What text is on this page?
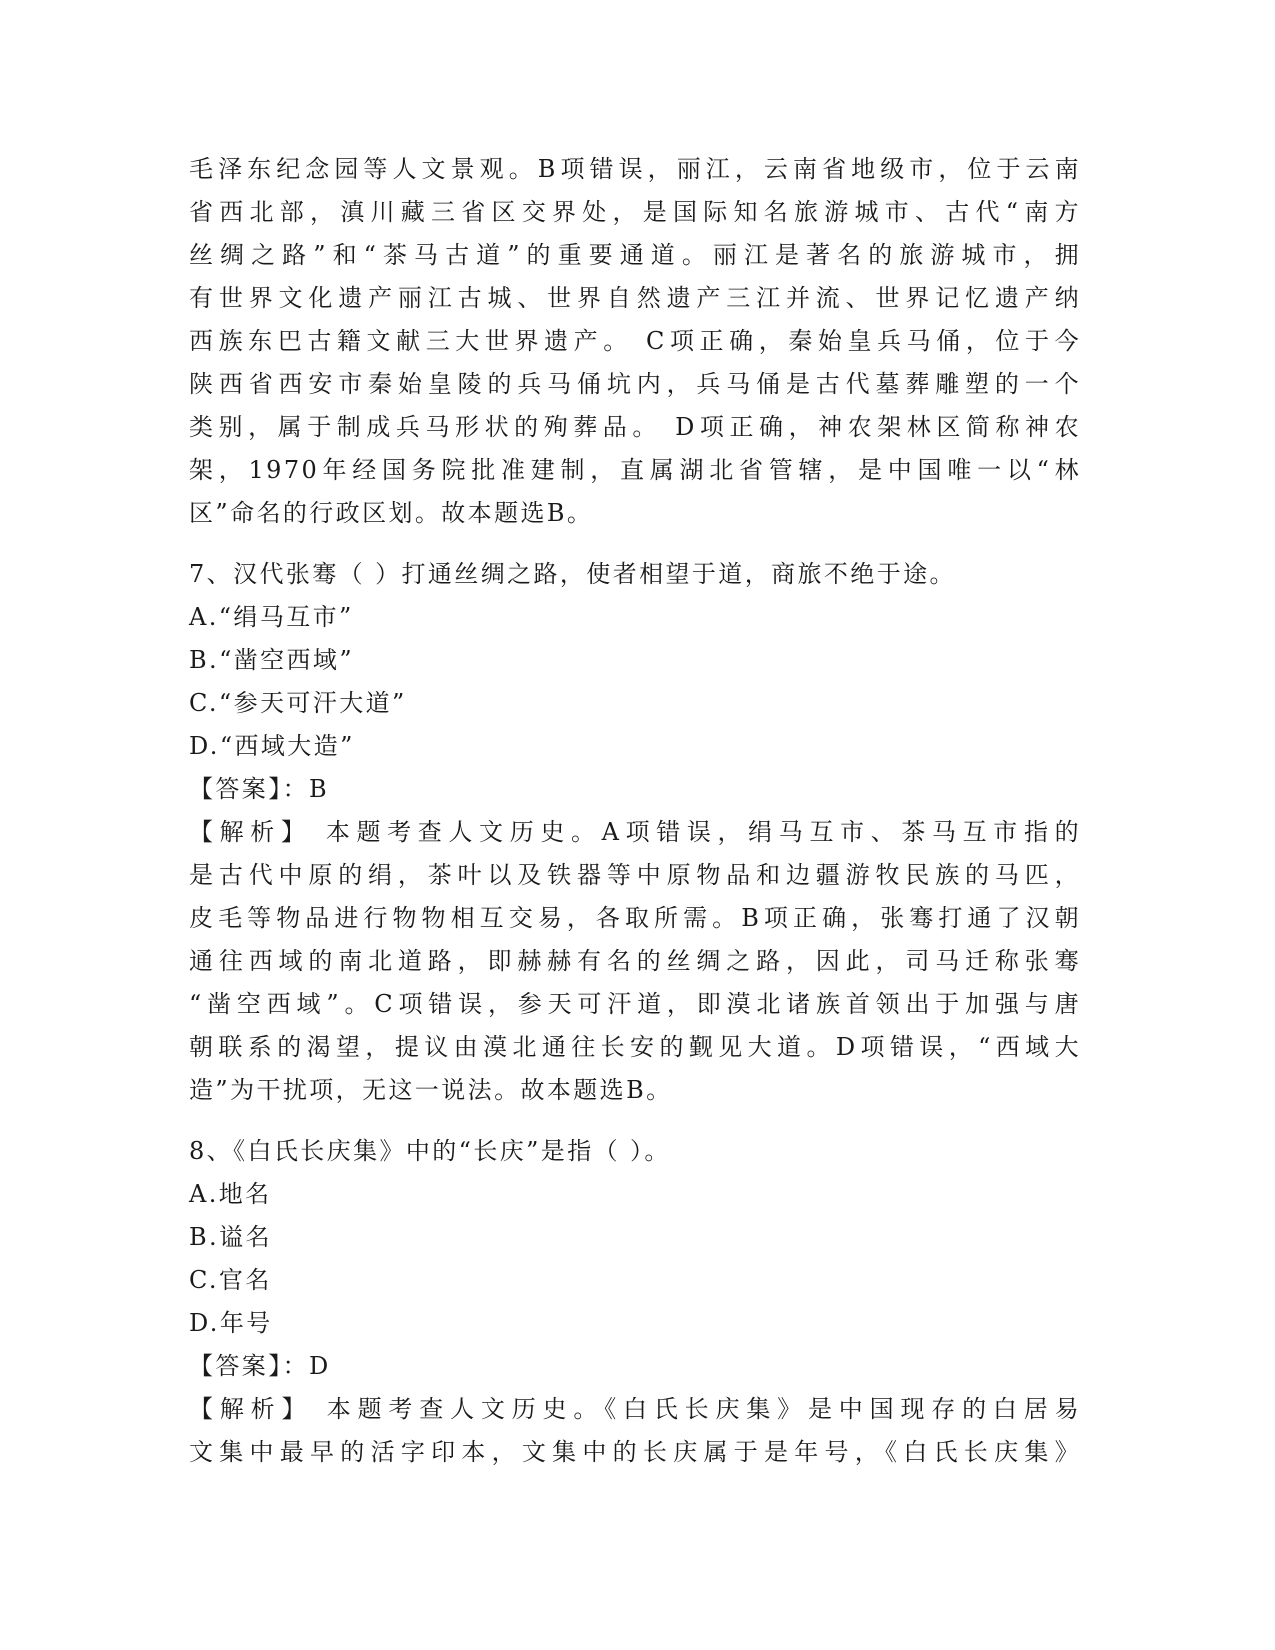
毛泽东纪念园等人文景观。B项错误，丽江，云南省地级市，位于云南
省西北部，滇川藏三省区交界处，是国际知名旅游城市、古代“南方
丝绸之路”和“茶马古道”的重要通道。丽江是著名的旅游城市，拥
有世界文化遗产丽江古城、世界自然遗产三江并流、世界记忆遗产纳
西族东巴古籍文献三大世界遗产。 C项正确，秦始皇兵马俑，位于今
陕西省西安市秦始皇陵的兵马俑坑内，兵马俑是古代墓葬雕塑的一个
类别，属于制成兵马形状的殉葬品。 D项正确，神农架林区简称神农
架，1970年经国务院批准建制，直属湖北省管辖，是中国唯一以“林
区”命名的行政区划。故本题选B。
7、汉代张骞（ ）打通丝绸之路，使者相望于道，商旅不绝于途。
A.“绢马互市”
B.“凿空西域”
C.“参天可汗大道”
D.“西域大造”
【答案】：B
【解析】 本题考查人文历史。A项错误，绢马互市、茶马互市指的
是古代中原的绢，茶叶以及铁器等中原物品和边疆游牧民族的马匹，
皮毛等物品进行物物相互交易，各取所需。B项正确，张骞打通了汉朝
通往西域的南北道路，即赫赫有名的丝绸之路，因此，司马迁称张骞
“凿空西域”。C项错误，参天可汗道，即漠北诸族首领出于加强与唐
朝联系的渴望，提议由漠北通往长安的觐见大道。D项错误，“西域大
造”为干扰项，无这一说法。故本题选B。
8、《白氏长庆集》中的“长庆”是指（ ）。
A.地名
B.谥名
C.官名
D.年号
【答案】：D
【解析】 本题考查人文历史。《白氏长庆集》是中国现存的白居易
文集中最早的活字印本，文集中的长庆属于是年号，《白氏长庆集》
